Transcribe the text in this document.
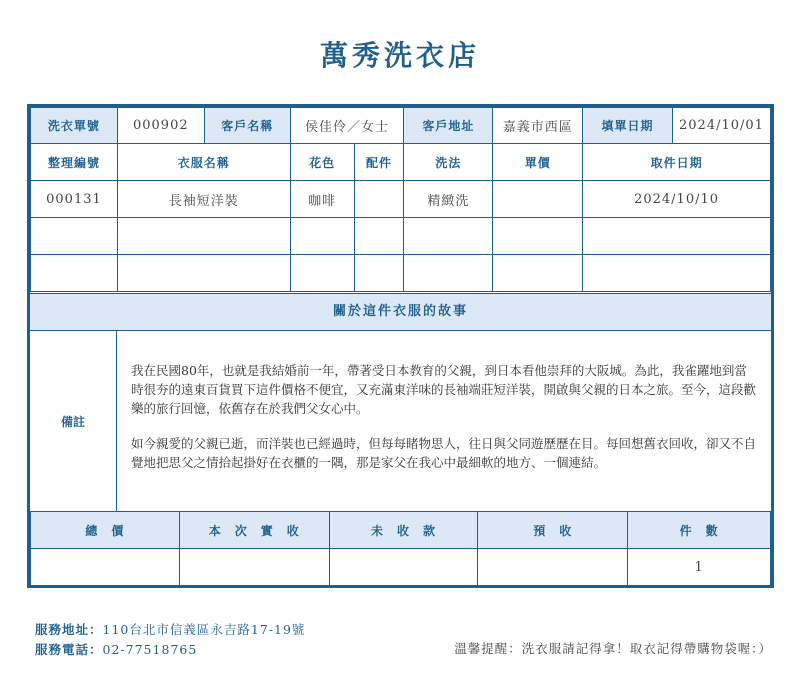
萬秀洗衣店
洗衣單號	000902	客戶名稱	侯佳伶／女士	客戶地址	嘉義市西區	填單日期	2024/10/01
整理編號	衣服名稱	花色	配件	洗法	單價	取件日期
000131	長袖短洋裝	咖啡		精緻洗		2024/10/10

關於這件衣服的故事
備註

我在民國80年，也就是我結婚前一年，帶著受日本教育的父親，到日本看他崇拜的大阪城。為此，我雀躍地到當時很夯的遠東百貨買下這件價格不便宜，又充滿東洋味的長袖端莊短洋裝，開啟與父親的日本之旅。至今，這段歡樂的旅行回憶，依舊存在於我們父女心中。

如今親愛的父親已逝，而洋裝也已經過時，但每每睹物思人，往日與父同遊歷歷在目。每回想舊衣回收，卻又不自覺地把思父之情拾起掛好在衣櫃的一隅，那是家父在我心中最細軟的地方、一個連結。

總　價	本　次　實　收	未　收　款	預　收	件　數
				1
服務地址：110台北市信義區永吉路17-19號
服務電話：02-77518765	溫馨提醒：洗衣服請記得拿！取衣記得帶購物袋喔：）
